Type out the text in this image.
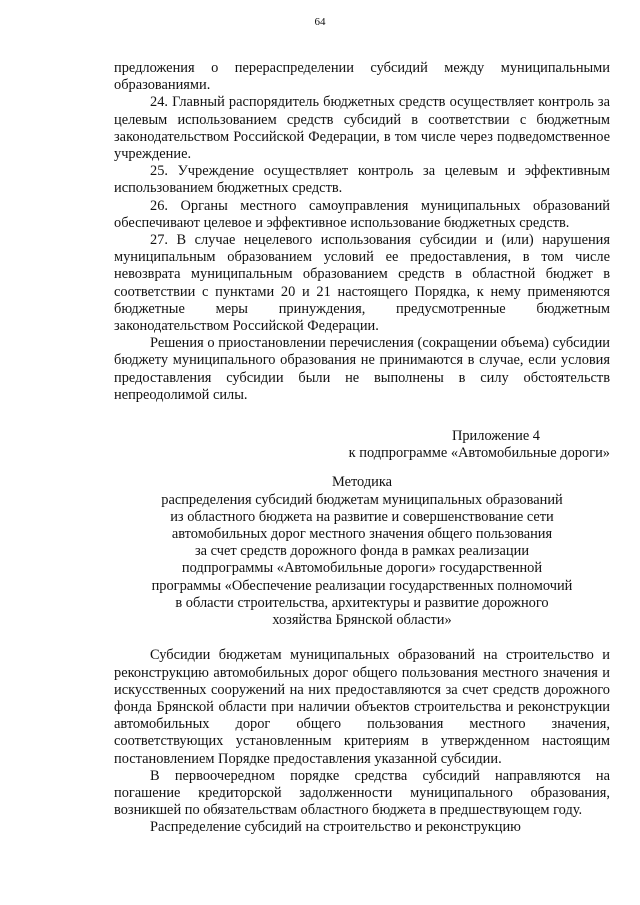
64

предложения о перераспределении субсидий между муниципальными образованиями.

24. Главный распорядитель бюджетных средств осуществляет контроль за целевым использованием средств субсидий в соответствии с бюджетным законодательством Российской Федерации, в том числе через подведомственное учреждение.

25. Учреждение осуществляет контроль за целевым и эффективным использованием бюджетных средств.

26. Органы местного самоуправления муниципальных образований обеспечивают целевое и эффективное использование бюджетных средств.

27. В случае нецелевого использования субсидии и (или) нарушения муниципальным образованием условий ее предоставления, в том числе невозврата муниципальным образованием средств в областной бюджет в соответствии с пунктами 20 и 21 настоящего Порядка, к нему применяются бюджетные меры принуждения, предусмотренные бюджетным законодательством Российской Федерации.

Решения о приостановлении перечисления (сокращении объема) субсидии бюджету муниципального образования не принимаются в случае, если условия предоставления субсидии были не выполнены в силу обстоятельств непреодолимой силы.

Приложение 4
к подпрограмме «Автомобильные дороги»
Методика
распределения субсидий бюджетам муниципальных образований
из областного бюджета на развитие и совершенствование сети
автомобильных дорог местного значения общего пользования
за счет средств дорожного фонда в рамках реализации
подпрограммы «Автомобильные дороги» государственной
программы «Обеспечение реализации государственных полномочий
в области строительства, архитектуры и развитие дорожного
хозяйства Брянской области»

Субсидии бюджетам муниципальных образований на строительство и реконструкцию автомобильных дорог общего пользования местного значения и искусственных сооружений на них предоставляются за счет средств дорожного фонда Брянской области при наличии объектов строительства и реконструкции автомобильных дорог общего пользования местного значения, соответствующих установленным критериям в утвержденном настоящим постановлением Порядке предоставления указанной субсидии.

В первоочередном порядке средства субсидий направляются на погашение кредиторской задолженности муниципального образования, возникшей по обязательствам областного бюджета в предшествующем году.

Распределение субсидий на строительство и реконструкцию
